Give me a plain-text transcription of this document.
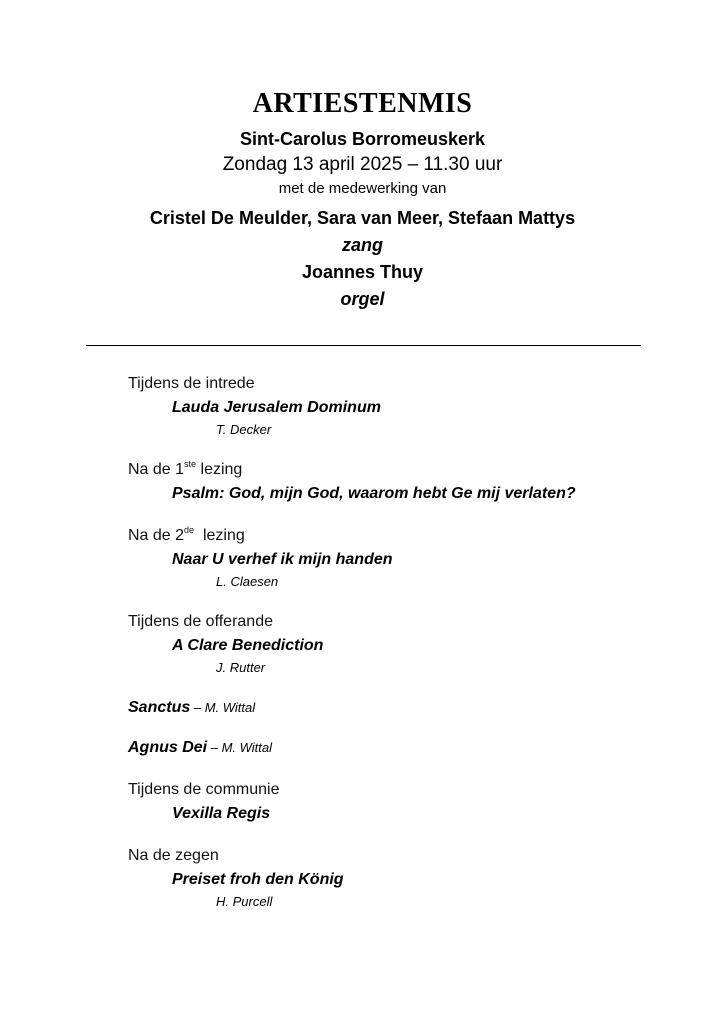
ARTIESTENMIS
Sint-Carolus Borromeuskerk
Zondag 13 april 2025 – 11.30 uur
met de medewerking van
Cristel De Meulder, Sara van Meer, Stefaan Mattys
zang
Joannes Thuy
orgel
Tijdens de intrede
Lauda Jerusalem Dominum
T. Decker
Na de 1ste lezing
Psalm: God, mijn God, waarom hebt Ge mij verlaten?
Na de 2de  lezing
Naar U verhef ik mijn handen
L. Claesen
Tijdens de offerande
A Clare Benediction
J. Rutter
Sanctus – M. Wittal
Agnus Dei – M. Wittal
Tijdens de communie
Vexilla Regis
Na de zegen
Preiset froh den König
H. Purcell
